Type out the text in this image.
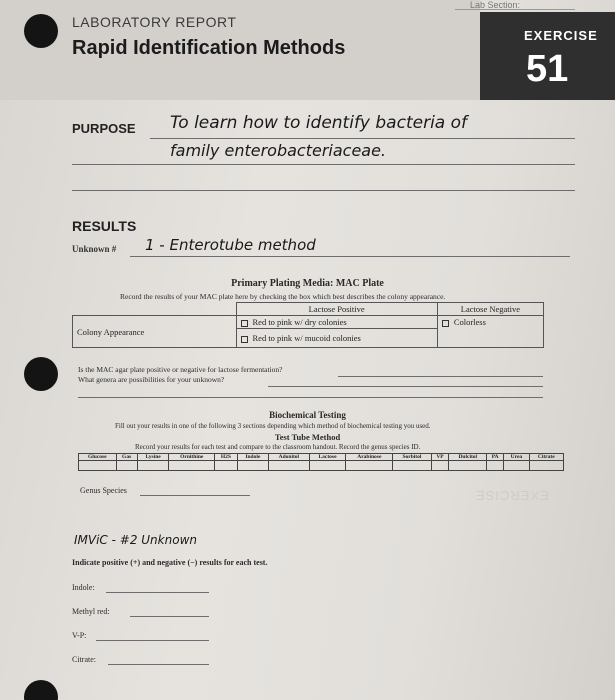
Lab Section:
LABORATORY REPORT
Rapid Identification Methods
EXERCISE
51
PURPOSE To learn how to identify bacteria of
family enterobacteriaceae.
RESULTS
Unknown # 1 - Enterotube method
Primary Plating Media: MAC Plate
Record the results of your MAC plate here by checking the box which best describes the colony appearance.
	Lactose Positive	Lactose Negative
Colony Appearance	Red to pink w/ dry colonies	Colorless
	Red to pink w/ mucoid colonies	
Is the MAC agar plate positive or negative for lactose fermentation?
What genera are possibilities for your unknown?
Biochemical Testing
Fill out your results in one of the following 3 sections depending which method of biochemical testing you used.
Test Tube Method
Record your results for each test and compare to the classroom handout. Record the genus species ID.
Glucose	Gas	Lysine	Ornithine	H2S	Indole	Adonitol	Lactose	Arabinose	Sorbitol	VP	Dulcitol	PA	Urea	Citrate

Genus Species	EXERCISE
IMViC - #2 Unknown
Indicate positive (+) and negative (−) results for each test.
Indole:
Methyl red:
V-P:
Citrate:
